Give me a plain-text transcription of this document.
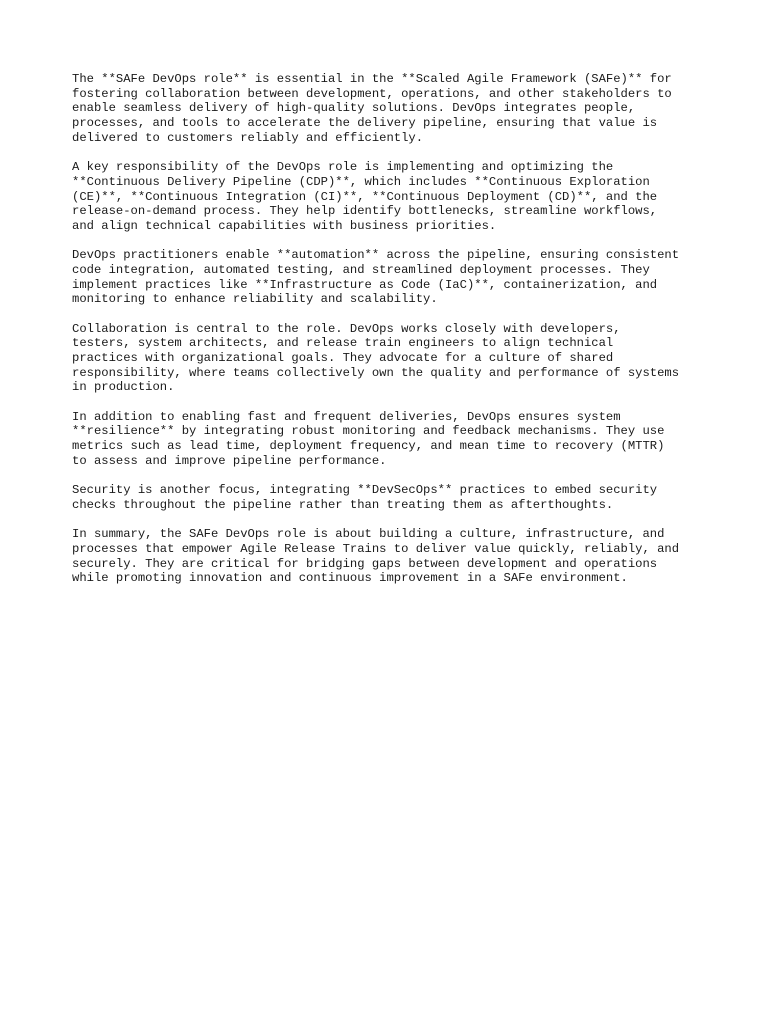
The **SAFe DevOps role** is essential in the **Scaled Agile Framework (SAFe)** for
fostering collaboration between development, operations, and other stakeholders to
enable seamless delivery of high-quality solutions. DevOps integrates people,
processes, and tools to accelerate the delivery pipeline, ensuring that value is
delivered to customers reliably and efficiently.

A key responsibility of the DevOps role is implementing and optimizing the
**Continuous Delivery Pipeline (CDP)**, which includes **Continuous Exploration
(CE)**, **Continuous Integration (CI)**, **Continuous Deployment (CD)**, and the
release-on-demand process. They help identify bottlenecks, streamline workflows,
and align technical capabilities with business priorities.

DevOps practitioners enable **automation** across the pipeline, ensuring consistent
code integration, automated testing, and streamlined deployment processes. They
implement practices like **Infrastructure as Code (IaC)**, containerization, and
monitoring to enhance reliability and scalability.

Collaboration is central to the role. DevOps works closely with developers,
testers, system architects, and release train engineers to align technical
practices with organizational goals. They advocate for a culture of shared
responsibility, where teams collectively own the quality and performance of systems
in production.

In addition to enabling fast and frequent deliveries, DevOps ensures system
**resilience** by integrating robust monitoring and feedback mechanisms. They use
metrics such as lead time, deployment frequency, and mean time to recovery (MTTR)
to assess and improve pipeline performance.

Security is another focus, integrating **DevSecOps** practices to embed security
checks throughout the pipeline rather than treating them as afterthoughts.

In summary, the SAFe DevOps role is about building a culture, infrastructure, and
processes that empower Agile Release Trains to deliver value quickly, reliably, and
securely. They are critical for bridging gaps between development and operations
while promoting innovation and continuous improvement in a SAFe environment.
